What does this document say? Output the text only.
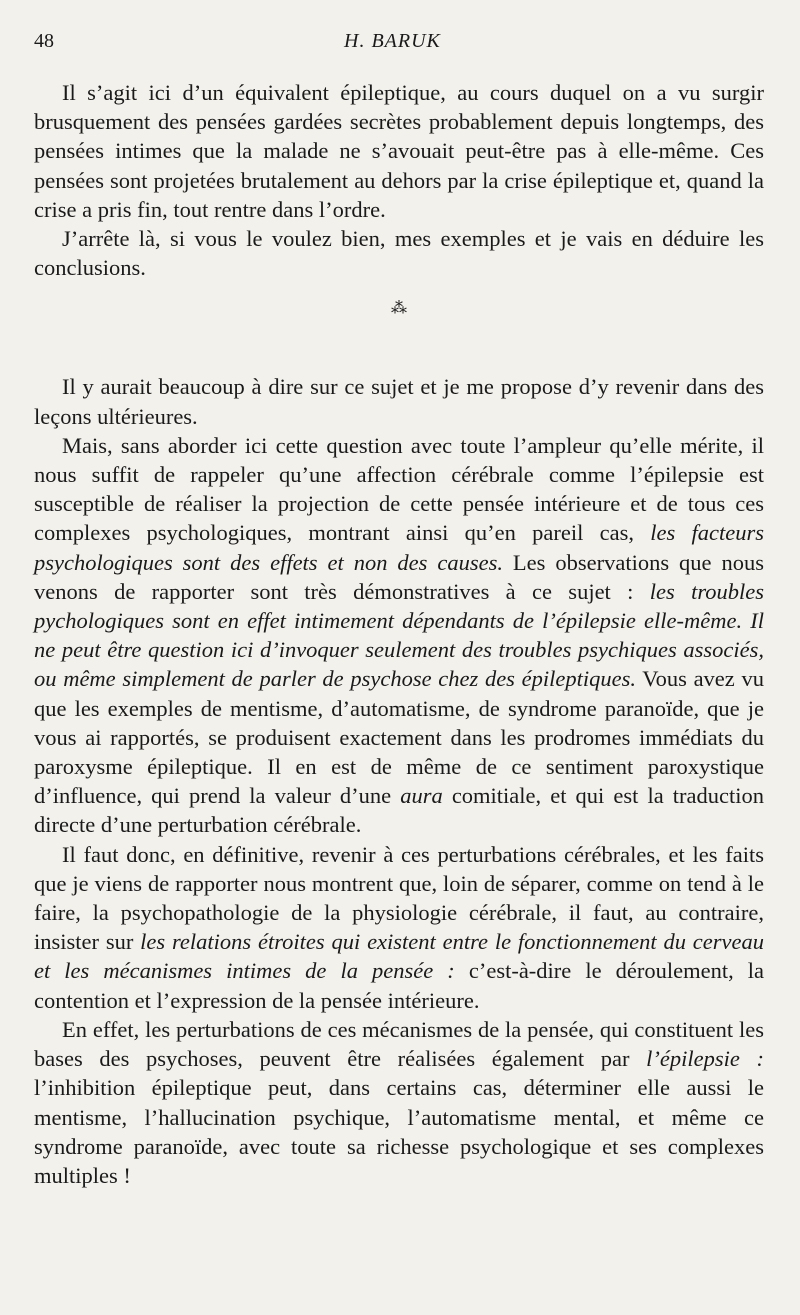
48	H. BARUK

Il s’agit ici d’un équivalent épileptique, au cours duquel on a vu surgir brusquement des pensées gardées secrètes probablement depuis longtemps, des pensées intimes que la malade ne s’avouait peut-être pas à elle-même. Ces pensées sont projetées brutalement au dehors par la crise épileptique et, quand la crise a pris fin, tout rentre dans l’ordre.

J’arrête là, si vous le voulez bien, mes exemples et je vais en déduire les conclusions.

⁂

Il y aurait beaucoup à dire sur ce sujet et je me propose d’y revenir dans des leçons ultérieures.

Mais, sans aborder ici cette question avec toute l’ampleur qu’elle mérite, il nous suffit de rappeler qu’une affection cérébrale comme l’épilepsie est susceptible de réaliser la projection de cette pensée intérieure et de tous ces complexes psychologiques, montrant ainsi qu’en pareil cas, les facteurs psychologiques sont des effets et non des causes. Les observations que nous venons de rapporter sont très démonstratives à ce sujet : les troubles pychologiques sont en effet intimement dépendants de l’épilepsie elle-même. Il ne peut être question ici d’invoquer seulement des troubles psychiques associés, ou même simplement de parler de psychose chez des épileptiques. Vous avez vu que les exemples de mentisme, d’automatisme, de syndrome paranoïde, que je vous ai rapportés, se produisent exactement dans les prodromes immédiats du paroxysme épileptique. Il en est de même de ce sentiment paroxystique d’influence, qui prend la valeur d’une aura comitiale, et qui est la traduction directe d’une perturbation cérébrale.

Il faut donc, en définitive, revenir à ces perturbations cérébrales, et les faits que je viens de rapporter nous montrent que, loin de séparer, comme on tend à le faire, la psychopathologie de la physiologie cérébrale, il faut, au contraire, insister sur les relations étroites qui existent entre le fonctionnement du cerveau et les mécanismes intimes de la pensée : c’est-à-dire le déroulement, la contention et l’expression de la pensée intérieure.

En effet, les perturbations de ces mécanismes de la pensée, qui constituent les bases des psychoses, peuvent être réalisées également par l’épilepsie : l’inhibition épileptique peut, dans certains cas, déterminer elle aussi le mentisme, l’hallucination psychique, l’automatisme mental, et même ce syndrome paranoïde, avec toute sa richesse psychologique et ses complexes multiples !
